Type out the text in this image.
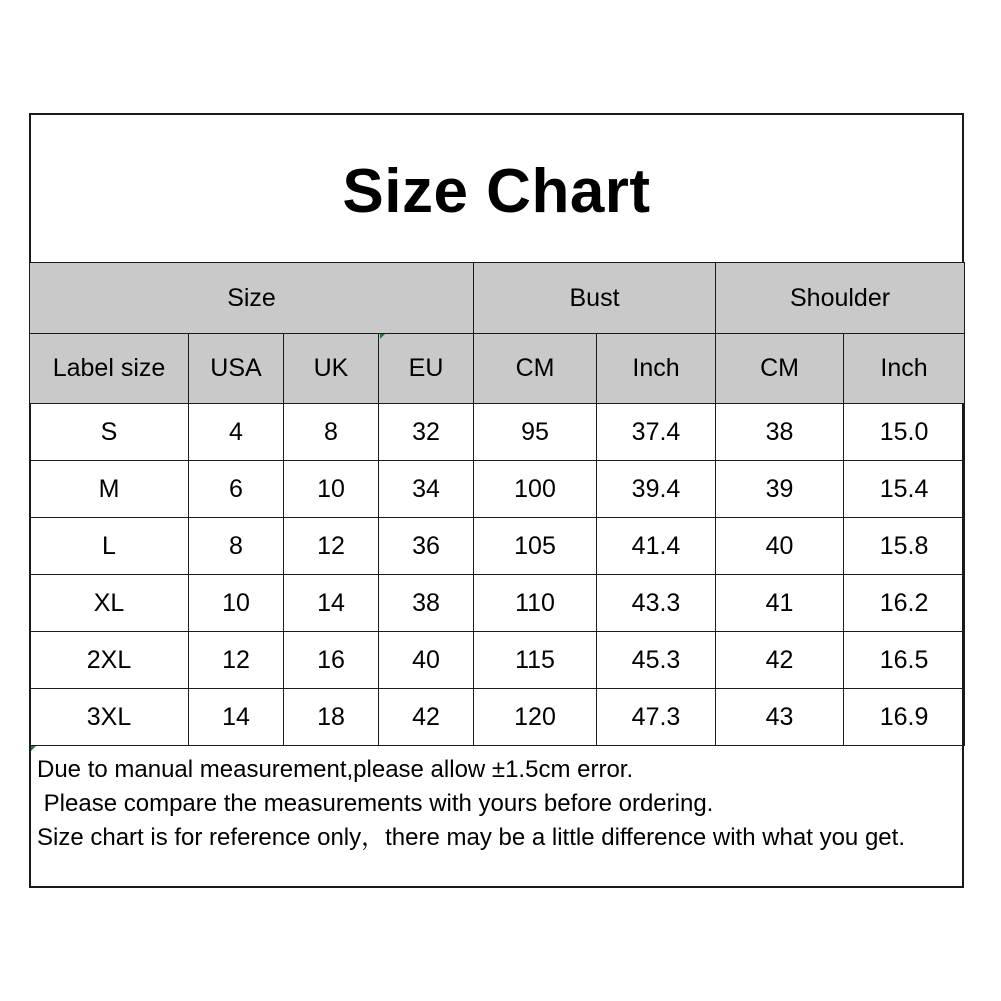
Size Chart
Size				Bust		Shoulder	
Label size	USA	UK	EU	CM	Inch	CM	Inch
S	4	8	32	95	37.4	38	15.0
M	6	10	34	100	39.4	39	15.4
L	8	12	36	105	41.4	40	15.8
XL	10	14	38	110	43.3	41	16.2
2XL	12	16	40	115	45.3	42	16.5
3XL	14	18	42	120	47.3	43	16.9
Due to manual measurement,please allow ±1.5cm error.
Please compare the measurements with yours before ordering.
Size chart is for reference only，there may be a little difference with what you get.
